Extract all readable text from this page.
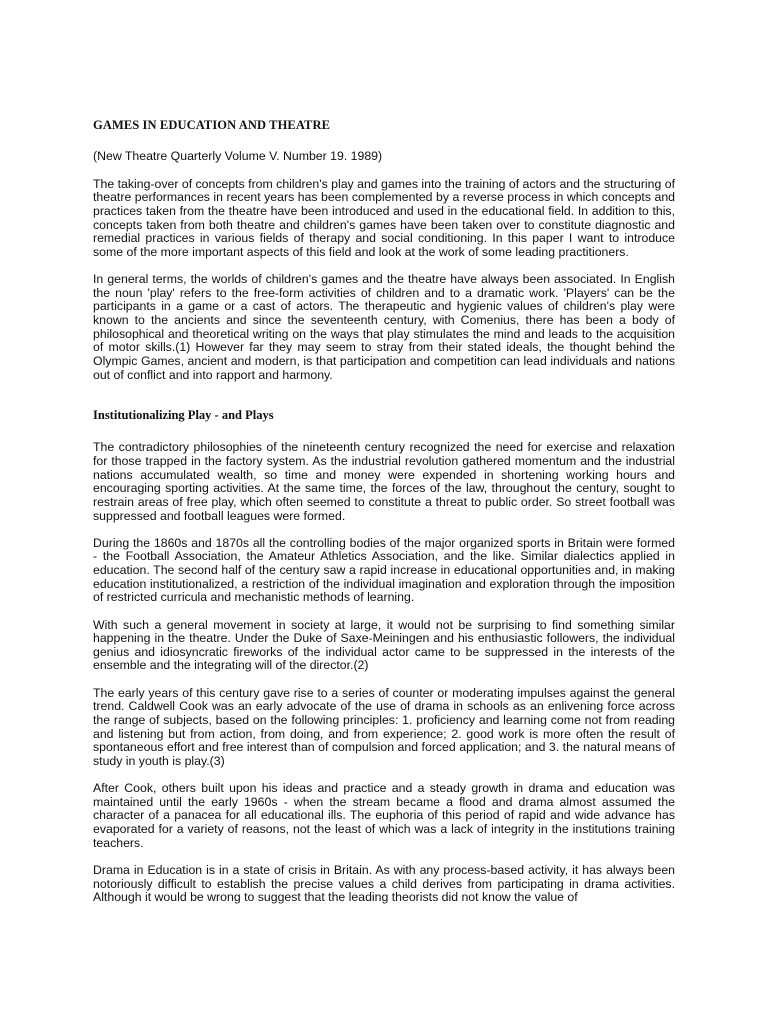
GAMES IN EDUCATION AND THEATRE
(New Theatre Quarterly Volume V. Number 19. 1989)

The taking-over of concepts from children's play and games into the training of actors and the structuring of theatre performances in recent years has been complemented by a reverse process in which concepts and practices taken from the theatre have been introduced and used in the educational field. In addition to this, concepts taken from both theatre and children's games have been taken over to constitute diagnostic and remedial practices in various fields of therapy and social conditioning. In this paper I want to introduce some of the more important aspects of this field and look at the work of some leading practitioners.

In general terms, the worlds of children's games and the theatre have always been associated. In English the noun 'play' refers to the free-form activities of children and to a dramatic work. 'Players' can be the participants in a game or a cast of actors. The therapeutic and hygienic values of children's play were known to the ancients and since the seventeenth century, with Comenius, there has been a body of philosophical and theoretical writing on the ways that play stimulates the mind and leads to the acquisition of motor skills.(1) However far they may seem to stray from their stated ideals, the thought behind the Olympic Games, ancient and modern, is that participation and competition can lead individuals and nations out of conflict and into rapport and harmony.

Institutionalizing Play - and Plays

The contradictory philosophies of the nineteenth century recognized the need for exercise and relaxation for those trapped in the factory system. As the industrial revolution gathered momentum and the industrial nations accumulated wealth, so time and money were expended in shortening working hours and encouraging sporting activities. At the same time, the forces of the law, throughout the century, sought to restrain areas of free play, which often seemed to constitute a threat to public order. So street football was suppressed and football leagues were formed.

During the 1860s and 1870s all the controlling bodies of the major organized sports in Britain were formed - the Football Association, the Amateur Athletics Association, and the like. Similar dialectics applied in education. The second half of the century saw a rapid increase in educational opportunities and, in making education institutionalized, a restriction of the individual imagination and exploration through the imposition of restricted curricula and mechanistic methods of learning.

With such a general movement in society at large, it would not be surprising to find something similar happening in the theatre. Under the Duke of Saxe-Meiningen and his enthusiastic followers, the individual genius and idiosyncratic fireworks of the individual actor came to be suppressed in the interests of the ensemble and the integrating will of the director.(2)

The early years of this century gave rise to a series of counter or moderating impulses against the general trend. Caldwell Cook was an early advocate of the use of drama in schools as an enlivening force across the range of subjects, based on the following principles: 1. proficiency and learning come not from reading and listening but from action, from doing, and from experience; 2. good work is more often the result of spontaneous effort and free interest than of compulsion and forced application; and 3. the natural means of study in youth is play.(3)

After Cook, others built upon his ideas and practice and a steady growth in drama and education was maintained until the early 1960s - when the stream became a flood and drama almost assumed the character of a panacea for all educational ills. The euphoria of this period of rapid and wide advance has evaporated for a variety of reasons, not the least of which was a lack of integrity in the institutions training teachers.

Drama in Education is in a state of crisis in Britain. As with any process-based activity, it has always been notoriously difficult to establish the precise values a child derives from participating in drama activities. Although it would be wrong to suggest that the leading theorists did not know the value of
